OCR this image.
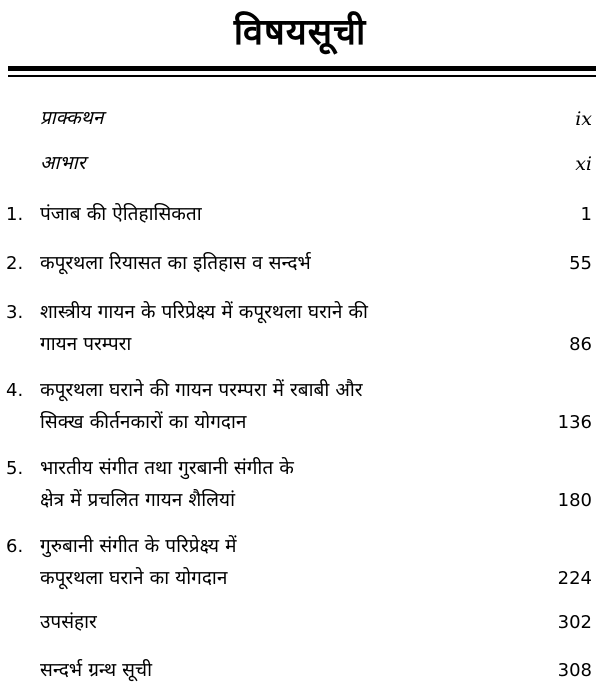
विषयसूची
प्राक्कथन	ix
आभार	xi
1. पंजाब की ऐतिहासिकता	1
2. कपूरथला रियासत का इतिहास व सन्दर्भ	55
3. शास्त्रीय गायन के परिप्रेक्ष्य में कपूरथला घराने की
गायन परम्परा	86
4. कपूरथला घराने की गायन परम्परा में रबाबी और
सिक्ख कीर्तनकारों का योगदान	136
5. भारतीय संगीत तथा गुरबानी संगीत के
क्षेत्र में प्रचलित गायन शैलियां	180
6. गुरुबानी संगीत के परिप्रेक्ष्य में
कपूरथला घराने का योगदान	224
उपसंहार	302
सन्दर्भ ग्रन्थ सूची	308
